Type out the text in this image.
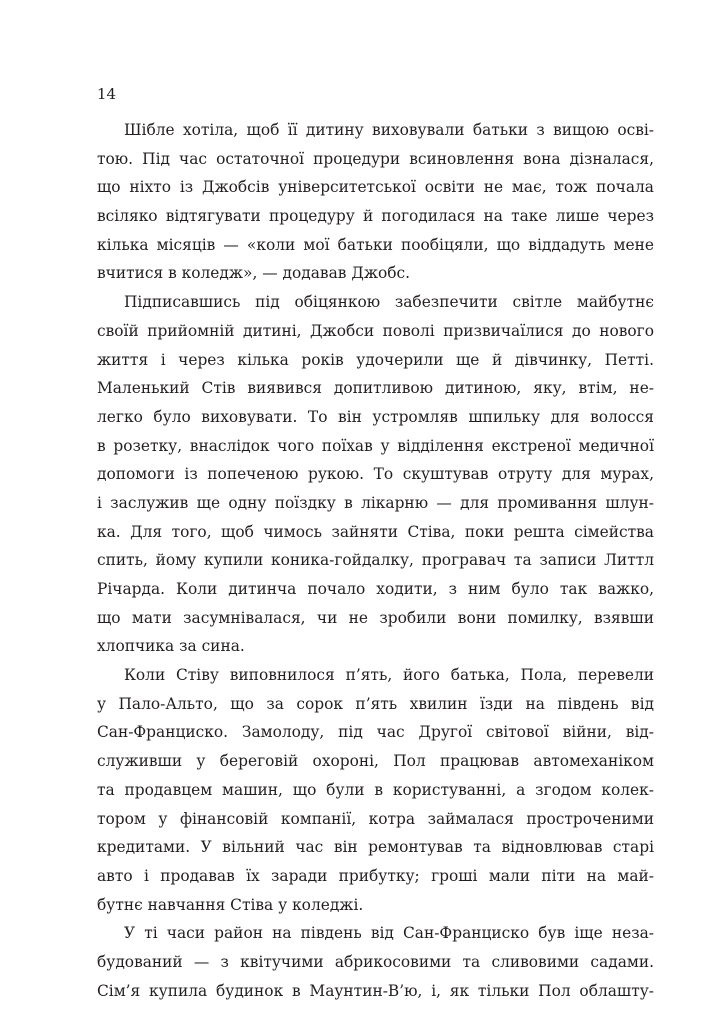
14
Шіблe хотіла, щоб її дитину виховували батьки з вищою осві-
тою. Під час остаточної процедури всиновлення вона дізналася,
що ніхто із Джобсів університетської освіти не має, тож почала
всіляко відтягувати процедуру й погодилася на таке лише через
кілька місяців — «коли мої батьки пообіцяли, що віддадуть мене
вчитися в коледж», — додавав Джобс.
Підписавшись під обіцянкою забезпечити світле майбутнє
своїй прийомній дитині, Джобси поволі призвичаїлися до нового
життя і через кілька років удочерили ще й дівчинку, Петті.
Маленький Стів виявився допитливою дитиною, яку, втім, не-
легко було виховувати. То він устромляв шпильку для волосся
в розетку, внаслідок чого поїхав у відділення екстреної медичної
допомоги із попеченою рукою. То скуштував отруту для мурах,
і заслужив ще одну поїздку в лікарню — для промивання шлун-
ка. Для того, щоб чимось зайняти Стіва, поки решта сімейства
спить, йому купили коника-гойдалку, програвач та записи Литтл
Річарда. Коли дитинча почало ходити, з ним було так важко,
що мати засумнівалася, чи не зробили вони помилку, взявши
хлопчика за сина.
Коли Стіву виповнилося п’ять, його батька, Пола, перевели
у Пало-Альто, що за сорок п’ять хвилин їзди на південь від
Сан-Франциско. Замолоду, під час Другої світової війни, від-
служивши у береговій охороні, Пол працював автомеханіком
та продавцем машин, що були в користуванні, а згодом колек-
тором у фінансовій компанії, котра займалася простроченими
кредитами. У вільний час він ремонтував та відновлював старі
авто і продавав їх заради прибутку; гроші мали піти на май-
бутнє навчання Стіва у коледжі.
У ті часи район на південь від Сан-Франциско був іще неза-
будований — з квітучими абрикосовими та сливовими садами.
Сім’я купила будинок в Маунтин-В’ю, і, як тільки Пол облашту-
